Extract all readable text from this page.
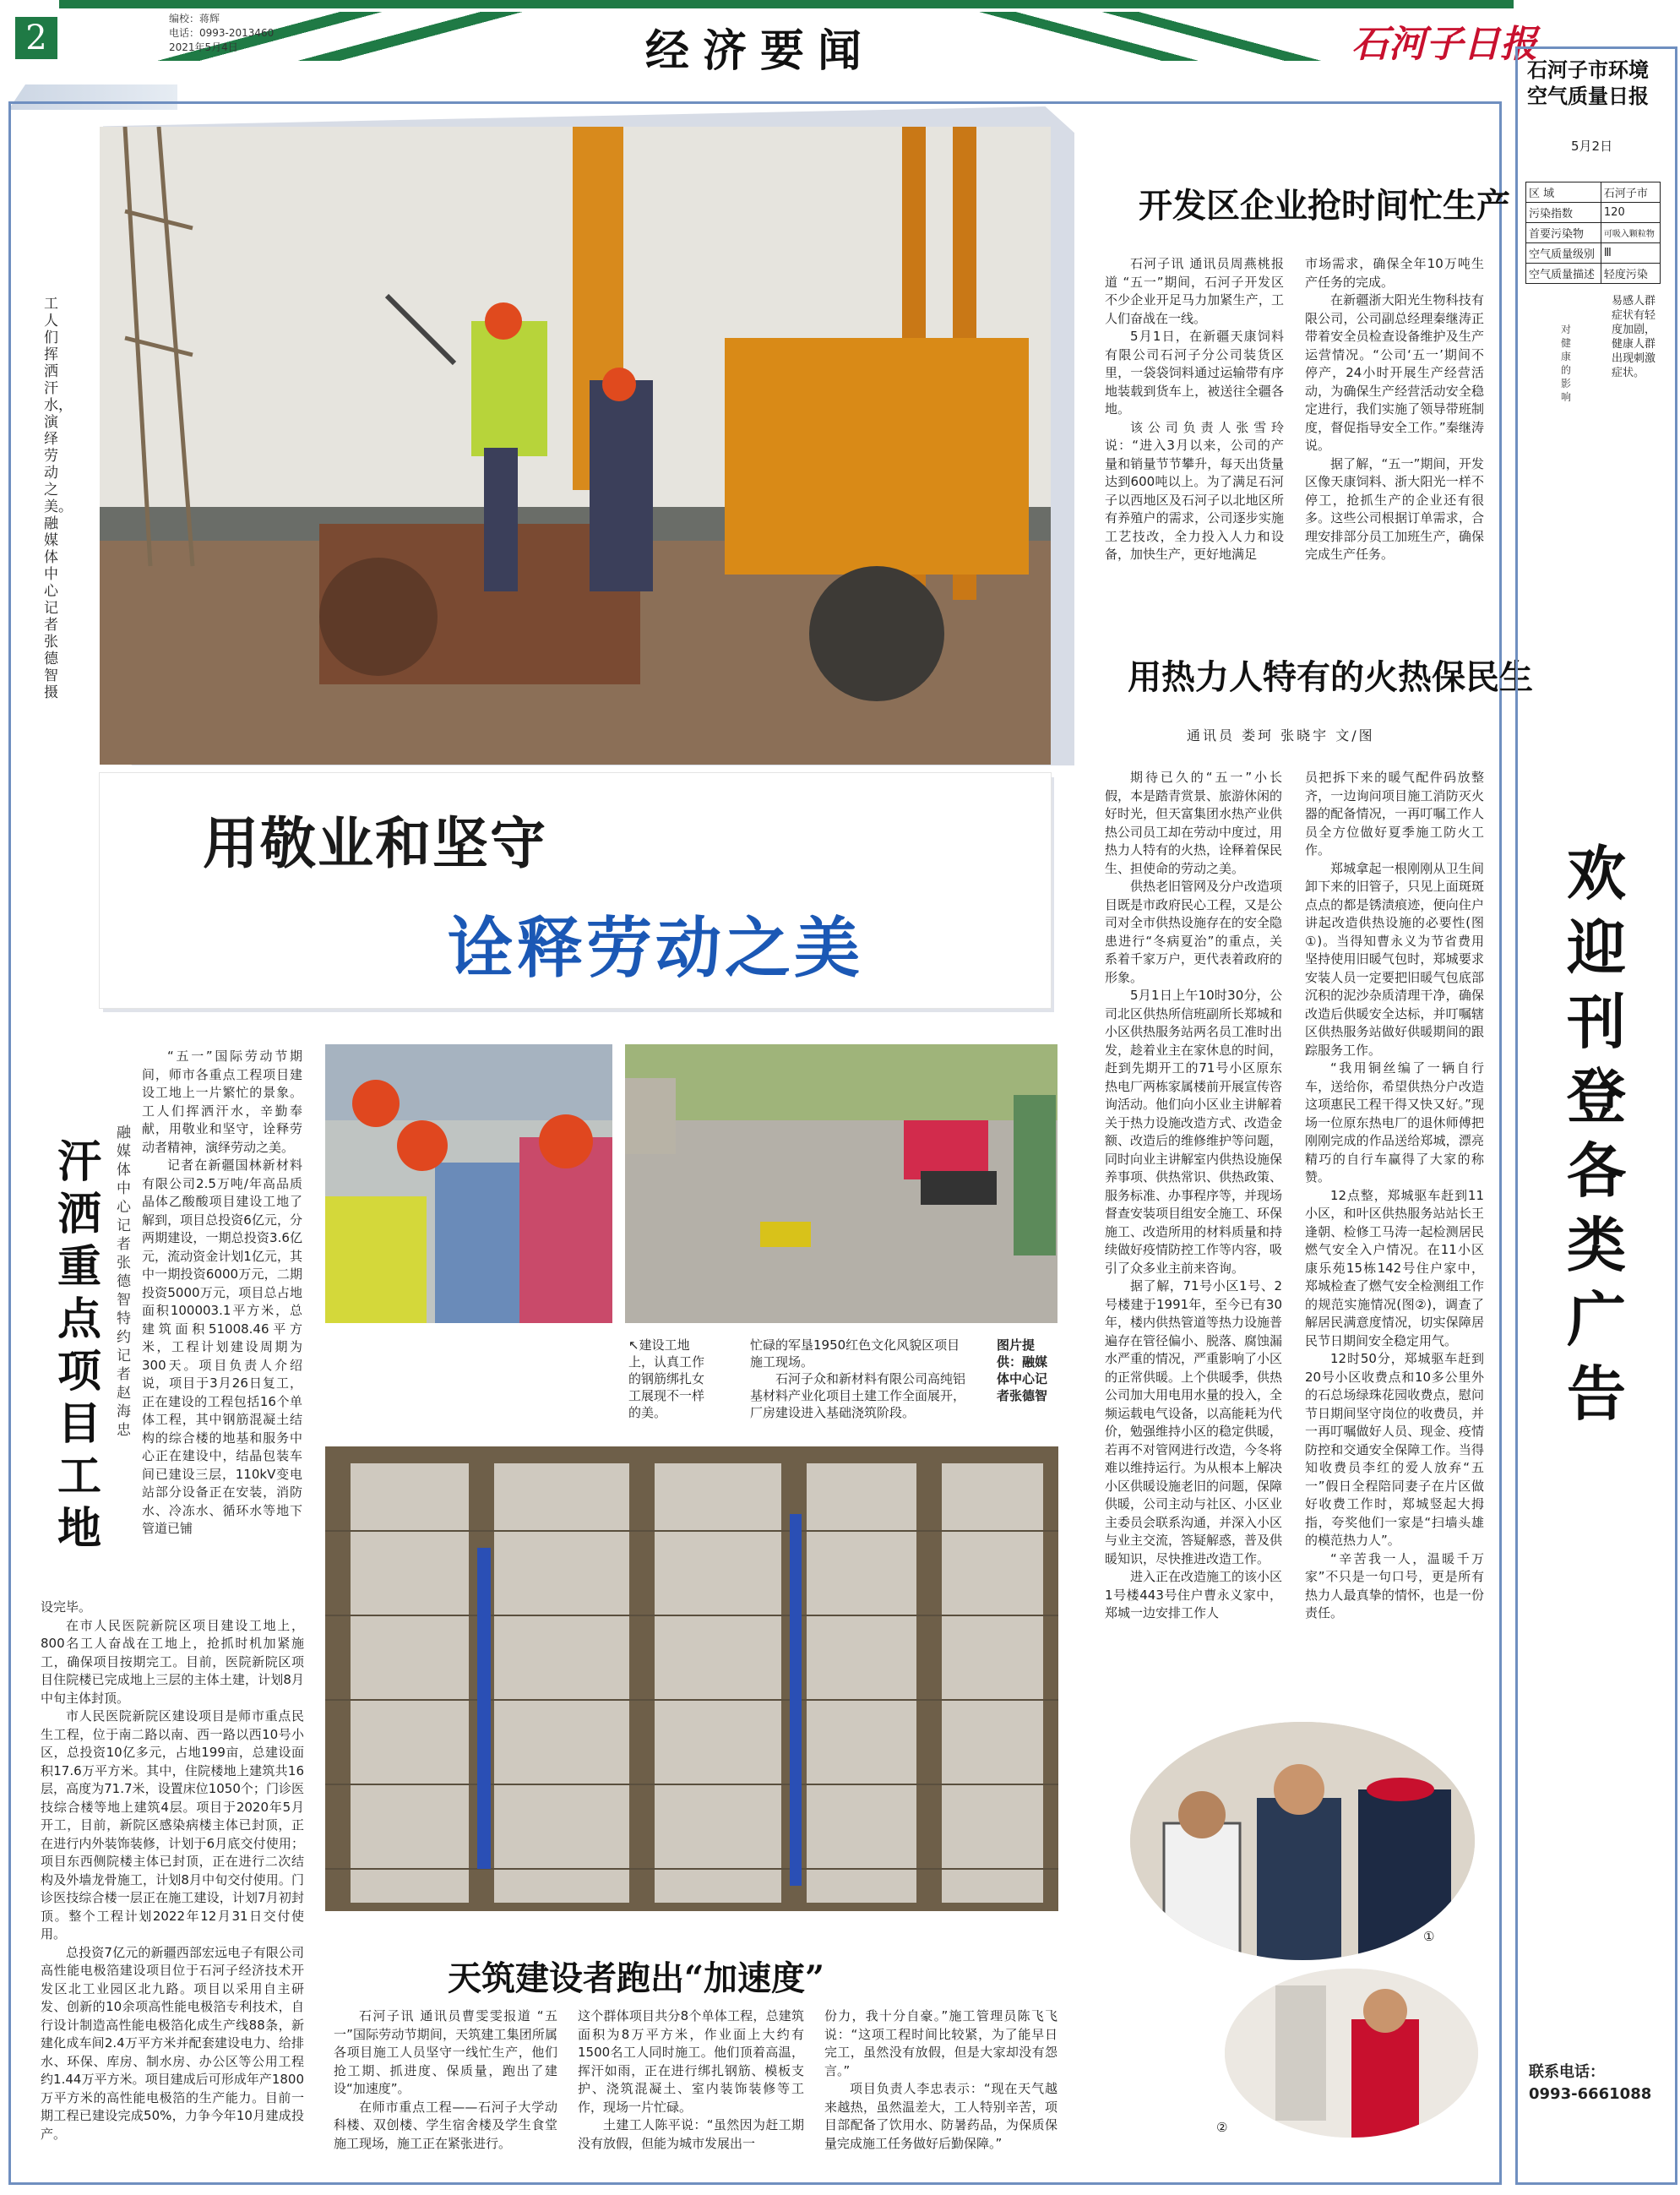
2	编校：蒋辉
电话：0993-2013460
2021年5月4日	经济要闻	石河子日报
工人们挥洒汗水，演绎劳动之美。 融媒体中心记者张德智摄
用敬业和坚守
诠释劳动之美
开发区企业抢时间忙生产

石河子讯 通讯员周燕桃报道 “五一”期间，石河子开发区不少企业开足马力加紧生产，工人们奋战在一线。

5月1日，在新疆天康饲料有限公司石河子分公司装货区里，一袋袋饲料通过运输带有序地装载到货车上，被送往全疆各地。

该公司负责人张雪玲说：“进入3月以来，公司的产量和销量节节攀升，每天出货量达到600吨以上。为了满足石河子以西地区及石河子以北地区所有养殖户的需求，公司逐步实施工艺技改，全力投入人力和设备，加快生产，更好地满足

市场需求，确保全年10万吨生产任务的完成。

在新疆浙大阳光生物科技有限公司，公司副总经理秦继涛正带着安全员检查设备维护及生产运营情况。“公司‘五一’期间不停产，24小时开展生产经营活动，为确保生产经营活动安全稳定进行，我们实施了领导带班制度，督促指导安全工作。”秦继涛说。

据了解，“五一”期间，开发区像天康饲料、浙大阳光一样不停工，抢抓生产的企业还有很多。这些公司根据订单需求，合理安排部分员工加班生产，确保完成生产任务。

用热力人特有的火热保民生
通讯员 娄珂 张晓宇 文/图

期待已久的“五一”小长假，本是踏青赏景、旅游休闲的好时光，但天富集团水热产业供热公司员工却在劳动中度过，用热力人特有的火热，诠释着保民生、担使命的劳动之美。

供热老旧管网及分户改造项目既是市政府民心工程，又是公司对全市供热设施存在的安全隐患进行“冬病夏治”的重点，关系着千家万户，更代表着政府的形象。

5月1日上午10时30分，公司北区供热所信班副所长郑城和小区供热服务站两名员工准时出发，趁着业主在家休息的时间，赶到先期开工的71号小区原东热电厂两栋家属楼前开展宣传咨询活动。他们向小区业主讲解着关于热力设施改造方式、改造金额、改造后的维修维护等问题，同时向业主讲解室内供热设施保养事项、供热常识、供热政策、服务标准、办事程序等，并现场督查安装项目组安全施工、环保施工、改造所用的材料质量和持续做好疫情防控工作等内容，吸引了众多业主前来咨询。

据了解，71号小区1号、2号楼建于1991年，至今已有30年，楼内供热管道等热力设施普遍存在管径偏小、脱落、腐蚀漏水严重的情况，严重影响了小区的正常供暖。上个供暖季，供热公司加大用电用水量的投入，全频运载电气设备，以高能耗为代价，勉强维持小区的稳定供暖，若再不对管网进行改造，今冬将难以维持运行。为从根本上解决小区供暖设施老旧的问题，保障供暖，公司主动与社区、小区业主委员会联系沟通，并深入小区与业主交流，答疑解惑，普及供暖知识，尽快推进改造工作。

进入正在改造施工的该小区1号楼443号住户曹永义家中，郑城一边安排工作人

员把拆下来的暖气配件码放整齐，一边询问项目施工消防灭火器的配备情况，一再叮嘱工作人员全方位做好夏季施工防火工作。

郑城拿起一根刚刚从卫生间卸下来的旧管子，只见上面斑斑点点的都是锈渍痕迹，便向住户讲起改造供热设施的必要性(图①)。当得知曹永义为节省费用坚持使用旧暖气包时，郑城要求安装人员一定要把旧暖气包底部沉积的泥沙杂质清理干净，确保改造后供暖安全达标，并叮嘱辖区供热服务站做好供暖期间的跟踪服务工作。

“我用铜丝编了一辆自行车，送给你，希望供热分户改造这项惠民工程干得又快又好。”现场一位原东热电厂的退休师傅把刚刚完成的作品送给郑城，漂亮精巧的自行车赢得了大家的称赞。

12点整，郑城驱车赶到11小区，和叶区供热服务站站长王逢朝、检修工马涛一起检测居民燃气安全入户情况。在11小区康乐苑15栋142号住户家中，郑城检查了燃气安全检测组工作的规范实施情况(图②)，调查了解居民满意度情况，切实保障居民节日期间安全稳定用气。

12时50分，郑城驱车赶到20号小区收费点和10多公里外的石总场绿珠花园收费点，慰问节日期间坚守岗位的收费员，并一再叮嘱做好人员、现金、疫情防控和交通安全保障工作。当得知收费员李红的爱人放弃“五一”假日全程陪同妻子在片区做好收费工作时，郑城竖起大拇指，夸奖他们一家是“扫墙头雄的模范热力人”。

“辛苦我一人，温暖千万家”不只是一句口号，更是所有热力人最真挚的情怀，也是一份责任。

①
②
汗洒重点项目工地
融媒体中心记者 张德智 特约记者 赵海忠

“五一”国际劳动节期间，师市各重点工程项目建设工地上一片繁忙的景象。工人们挥洒汗水，辛勤奉献，用敬业和坚守，诠释劳动者精神，演绎劳动之美。

记者在新疆国林新材料有限公司2.5万吨/年高品质晶体乙酸酸项目建设工地了解到，项目总投资6亿元，分两期建设，一期总投资3.6亿元，流动资金计划1亿元，其中一期投资6000万元，二期投资5000万元，项目总占地面积100003.1平方米，总建筑面积51008.46平方米，工程计划建设周期为300天。项目负责人介绍说，项目于3月26日复工，正在建设的工程包括16个单体工程，其中钢筋混凝土结构的综合楼的地基和服务中心正在建设中，结晶包装车间已建设三层，110kV变电站部分设备正在安装，消防水、冷冻水、循环水等地下管道已铺

设完毕。

在市人民医院新院区项目建设工地上，800名工人奋战在工地上，抢抓时机加紧施工，确保项目按期完工。目前，医院新院区项目住院楼已完成地上三层的主体土建，计划8月中旬主体封顶。

市人民医院新院区建设项目是师市重点民生工程，位于南二路以南、西一路以西10号小区，总投资10亿多元，占地199亩，总建设面积17.6万平方米。其中，住院楼地上建筑共16层，高度为71.7米，设置床位1050个；门诊医技综合楼等地上建筑4层。项目于2020年5月开工，目前，新院区感染病楼主体已封顶，正在进行内外装饰装修，计划于6月底交付使用；项目东西侧院楼主体已封顶，正在进行二次结构及外墙龙骨施工，计划8月中旬交付使用。门诊医技综合楼一层正在施工建设，计划7月初封顶。整个工程计划2022年12月31日交付使用。

总投资7亿元的新疆西部宏远电子有限公司高性能电极箔建设项目位于石河子经济技术开发区北工业园区北九路。项目以采用自主研发、创新的10余项高性能电极箔专利技术，自行设计制造高性能电极箔化成生产线88条，新建化成车间2.4万平方米并配套建设电力、给排水、环保、库房、制水房、办公区等公用工程约1.44万平方米。项目建成后可形成年产1800万平方米的高性能电极箔的生产能力。目前一期工程已建设完成50%，力争今年10月建成投产。

↖建设工地上，认真工作的钢筋绑扎女工展现不一样的美。
忙碌的军垦1950红色文化风貌区项目施工现场。
石河子众和新材料有限公司高纯铝基材料产业化项目土建工作全面展开，厂房建设进入基础浇筑阶段。
图片提供：融媒体中心记者张德智
天筑建设者跑出“加速度”

石河子讯 通讯员曹雯雯报道 “五一”国际劳动节期间，天筑建工集团所属各项目施工人员坚守一线忙生产，他们抢工期、抓进度、保质量，跑出了建设“加速度”。

在师市重点工程——石河子大学动科楼、双创楼、学生宿舍楼及学生食堂施工现场，施工正在紧张进行。

这个群体项目共分8个单体工程，总建筑面积为8万平方米，作业面上大约有1500名工人同时施工。他们顶着高温，挥汗如雨，正在进行绑扎钢筋、模板支护、浇筑混凝土、室内装饰装修等工作，现场一片忙碌。

土建工人陈平说：“虽然因为赶工期没有放假，但能为城市发展出一

份力，我十分自豪。”施工管理员陈飞飞说：“这项工程时间比较紧，为了能早日完工，虽然没有放假，但是大家却没有怨言。”

项目负责人李忠表示：“现在天气越来越热，虽然温差大，工人特别辛苦，项目部配备了饮用水、防暑药品，为保质保量完成施工任务做好后勤保障。”

石河子市环境空气质量日报
5月2日
区 域	石河子市
污染指数	120
首要污染物	可吸入颗粒物
空气质量级别	Ⅲ
空气质量描述	轻度污染
对健康的影响
易感人群症状有轻度加剧，健康人群出现刺激症状。
欢迎刊登各类广告
联系电话：
0993-6661088
